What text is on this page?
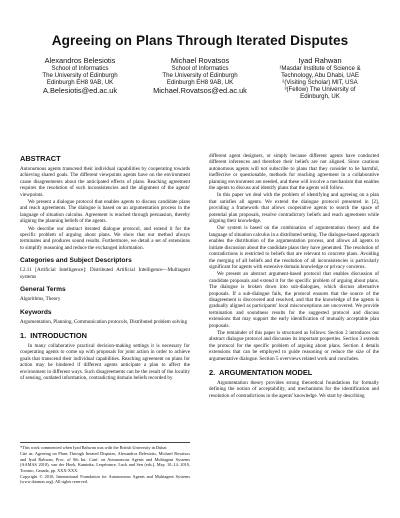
Agreeing on Plans Through Iterated Disputes
Alexandros Belesiotis
School of Informatics
The University of Edinburgh
Edinburgh EH8 9AB, UK
A.Belesiotis@ed.ac.uk
Michael Rovatsos
School of Informatics
The University of Edinburgh
Edinburgh EH8 9AB, UK
Michael.Rovatsos@ed.ac.uk
Iyad Rahwan
¹Masdar Institute of Science &
Technology, Abu Dhabi, UAE
²(Visiting Scholar) MIT, USA
³(Fellow) The University of
Edinburgh, UK
ABSTRACT

Autonomous agents transcend their individual capabilities by cooperating towards achieving shared goals. The different viewpoints agents have on the environment cause disagreements about the anticipated effects of plans. Reaching agreement requires the resolution of such inconsistencies and the alignment of the agents' viewpoints.

We present a dialogue protocol that enables agents to discuss candidate plans and reach agreements. The dialogue is based on an argumentation process in the language of situation calculus. Agreement is reached through persuasion, thereby aligning the planning beliefs of the agents.

We describe our abstract iterated dialogue protocol, and extend it for the specific problem of arguing about plans. We show that our method always terminates and produces sound results. Furthermore, we detail a set of extensions to simplify reasoning and reduce the exchanged information.

Categories and Subject Descriptors

I.2.11 [Artificial Intelligence]: Distributed Artificial Intelligence—Multiagent systems

General Terms

Algorithms, Theory

Keywords

Argumentation, Planning, Communication protocols, Distributed problem solving

1.  INTRODUCTION

In many collaborative practical decision-making settings it is necessary for cooperating agents to come up with proposals for joint action in order to achieve goals that transcend their individual capabilities. Reaching agreement on plans for action may be hindered if different agents anticipate a plan to affect the environment in different ways. Such disagreements can be the result of the locality of sensing, outdated information, contradicting domain beliefs recorded by

*This work commenced when Iyad Rahwan was with the British University in Dubai

Cite as: Agreeing on Plans Through Iterated Disputes, Alexandros Belesiotis, Michael Rovatsos and Iyad Rahwan, Proc. of 9th Int. Conf. on Autonomous Agents and Multiagent Systems (AAMAS 2010), van der Hoek, Kaminka, Lespérance, Luck and Sen (eds.), May, 10–14, 2010, Toronto, Canada, pp. XXX-XXX.

Copyright © 2010, International Foundation for Autonomous Agents and Multiagent Systems (www.ifaamas.org). All rights reserved.

different agent designers, or simply because different agents have conducted different inferences and therefore their beliefs are not aligned. Since cautious autonomous agents will not subscribe to plans that they consider to be harmful, ineffective or questionable, methods for reaching agreement in a collaborative planning environment are needed, and these will involve a mechanism that enables the agents to discuss and identify plans that the agents will follow.

In this paper we deal with the problem of identifying and agreeing on a plan that satisfies all agents. We extend the dialogue protocol presented in [2], providing a framework that allows cooperative agents to search the space of potential plan proposals, resolve contradictory beliefs and reach agreement while aligning their knowledge.

Our system is based on the combination of argumentation theory and the language of situation calculus in a distributed setting. The dialogue-based approach enables the distribution of the argumentation process, and allows all agents to initiate discussion about the candidate plans they have generated. The resolution of contradictions is restricted to beliefs that are relevant to concrete plans. Avoiding the merging of all beliefs and the resolution of all inconsistencies is particularly significant for agents with extensive domain knowledge or privacy concerns.

We present an abstract argument-based protocol that enables discussion of candidate proposals and extend it for the specific problem of arguing about plans. The dialogue is broken down into sub-dialogues, which discuss alternative proposals. If a sub-dialogue fails, the protocol ensures that the source of the disagreement is discovered and resolved, and that the knowledge of the agents is gradually aligned as participants' local misconceptions are uncovered. We provide termination and soundness results for the suggested protocol and discuss extensions that may support the early identification of mutually acceptable plan proposals.

The remainder of this paper is structured as follows: Section 2 introduces our abstract dialogue protocol and discusses its important properties. Section 3 extends the protocol for the specific problem of arguing about plans. Section 4 details extensions that can be employed to guide reasoning or reduce the size of the argumentative dialogue. Section 5 overviews related work and concludes.

2.  ARGUMENTATION MODEL

Argumentation theory provides strong theoretical foundations for formally defining the notion of acceptability, and mechanisms for the identification and resolution of contradictions in the agents' knowledge. We start by describing
